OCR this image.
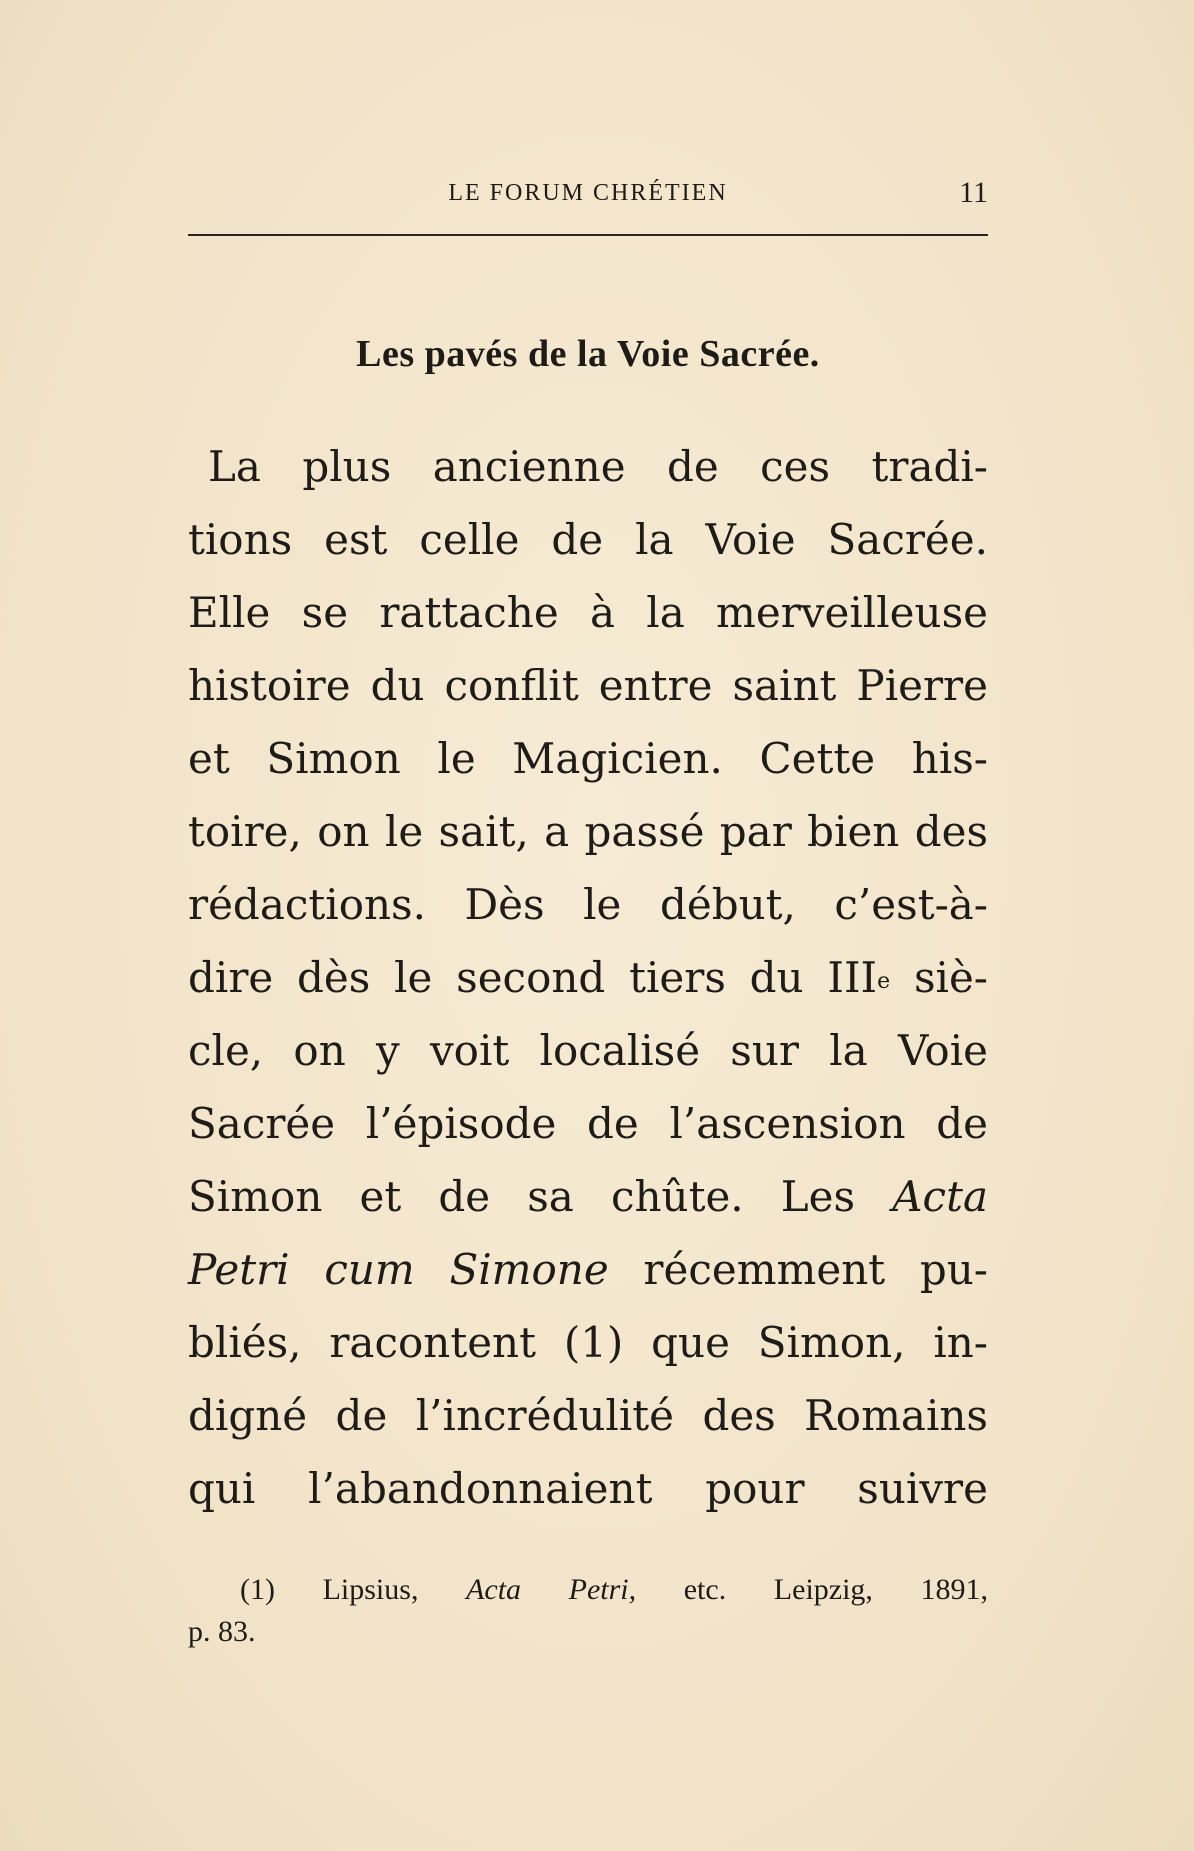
LE FORUM CHRÉTIEN	11
Les pavés de la Voie Sacrée.
La plus ancienne de ces tradi-
tions est celle de la Voie Sacrée.
Elle se rattache à la merveilleuse
histoire du conflit entre saint Pierre
et Simon le Magicien. Cette his-
toire, on le sait, a passé par bien des
rédactions. Dès le début, c’est-à-
dire dès le second tiers du IIIe siè-
cle, on y voit localisé sur la Voie
Sacrée l’épisode de l’ascension de
Simon et de sa chûte. Les Acta
Petri cum Simone récemment pu-
bliés, racontent (1) que Simon, in-
digné de l’incrédulité des Romains
qui l’abandonnaient pour suivre
(1) Lipsius, Acta Petri, etc. Leipzig, 1891,
p. 83.
